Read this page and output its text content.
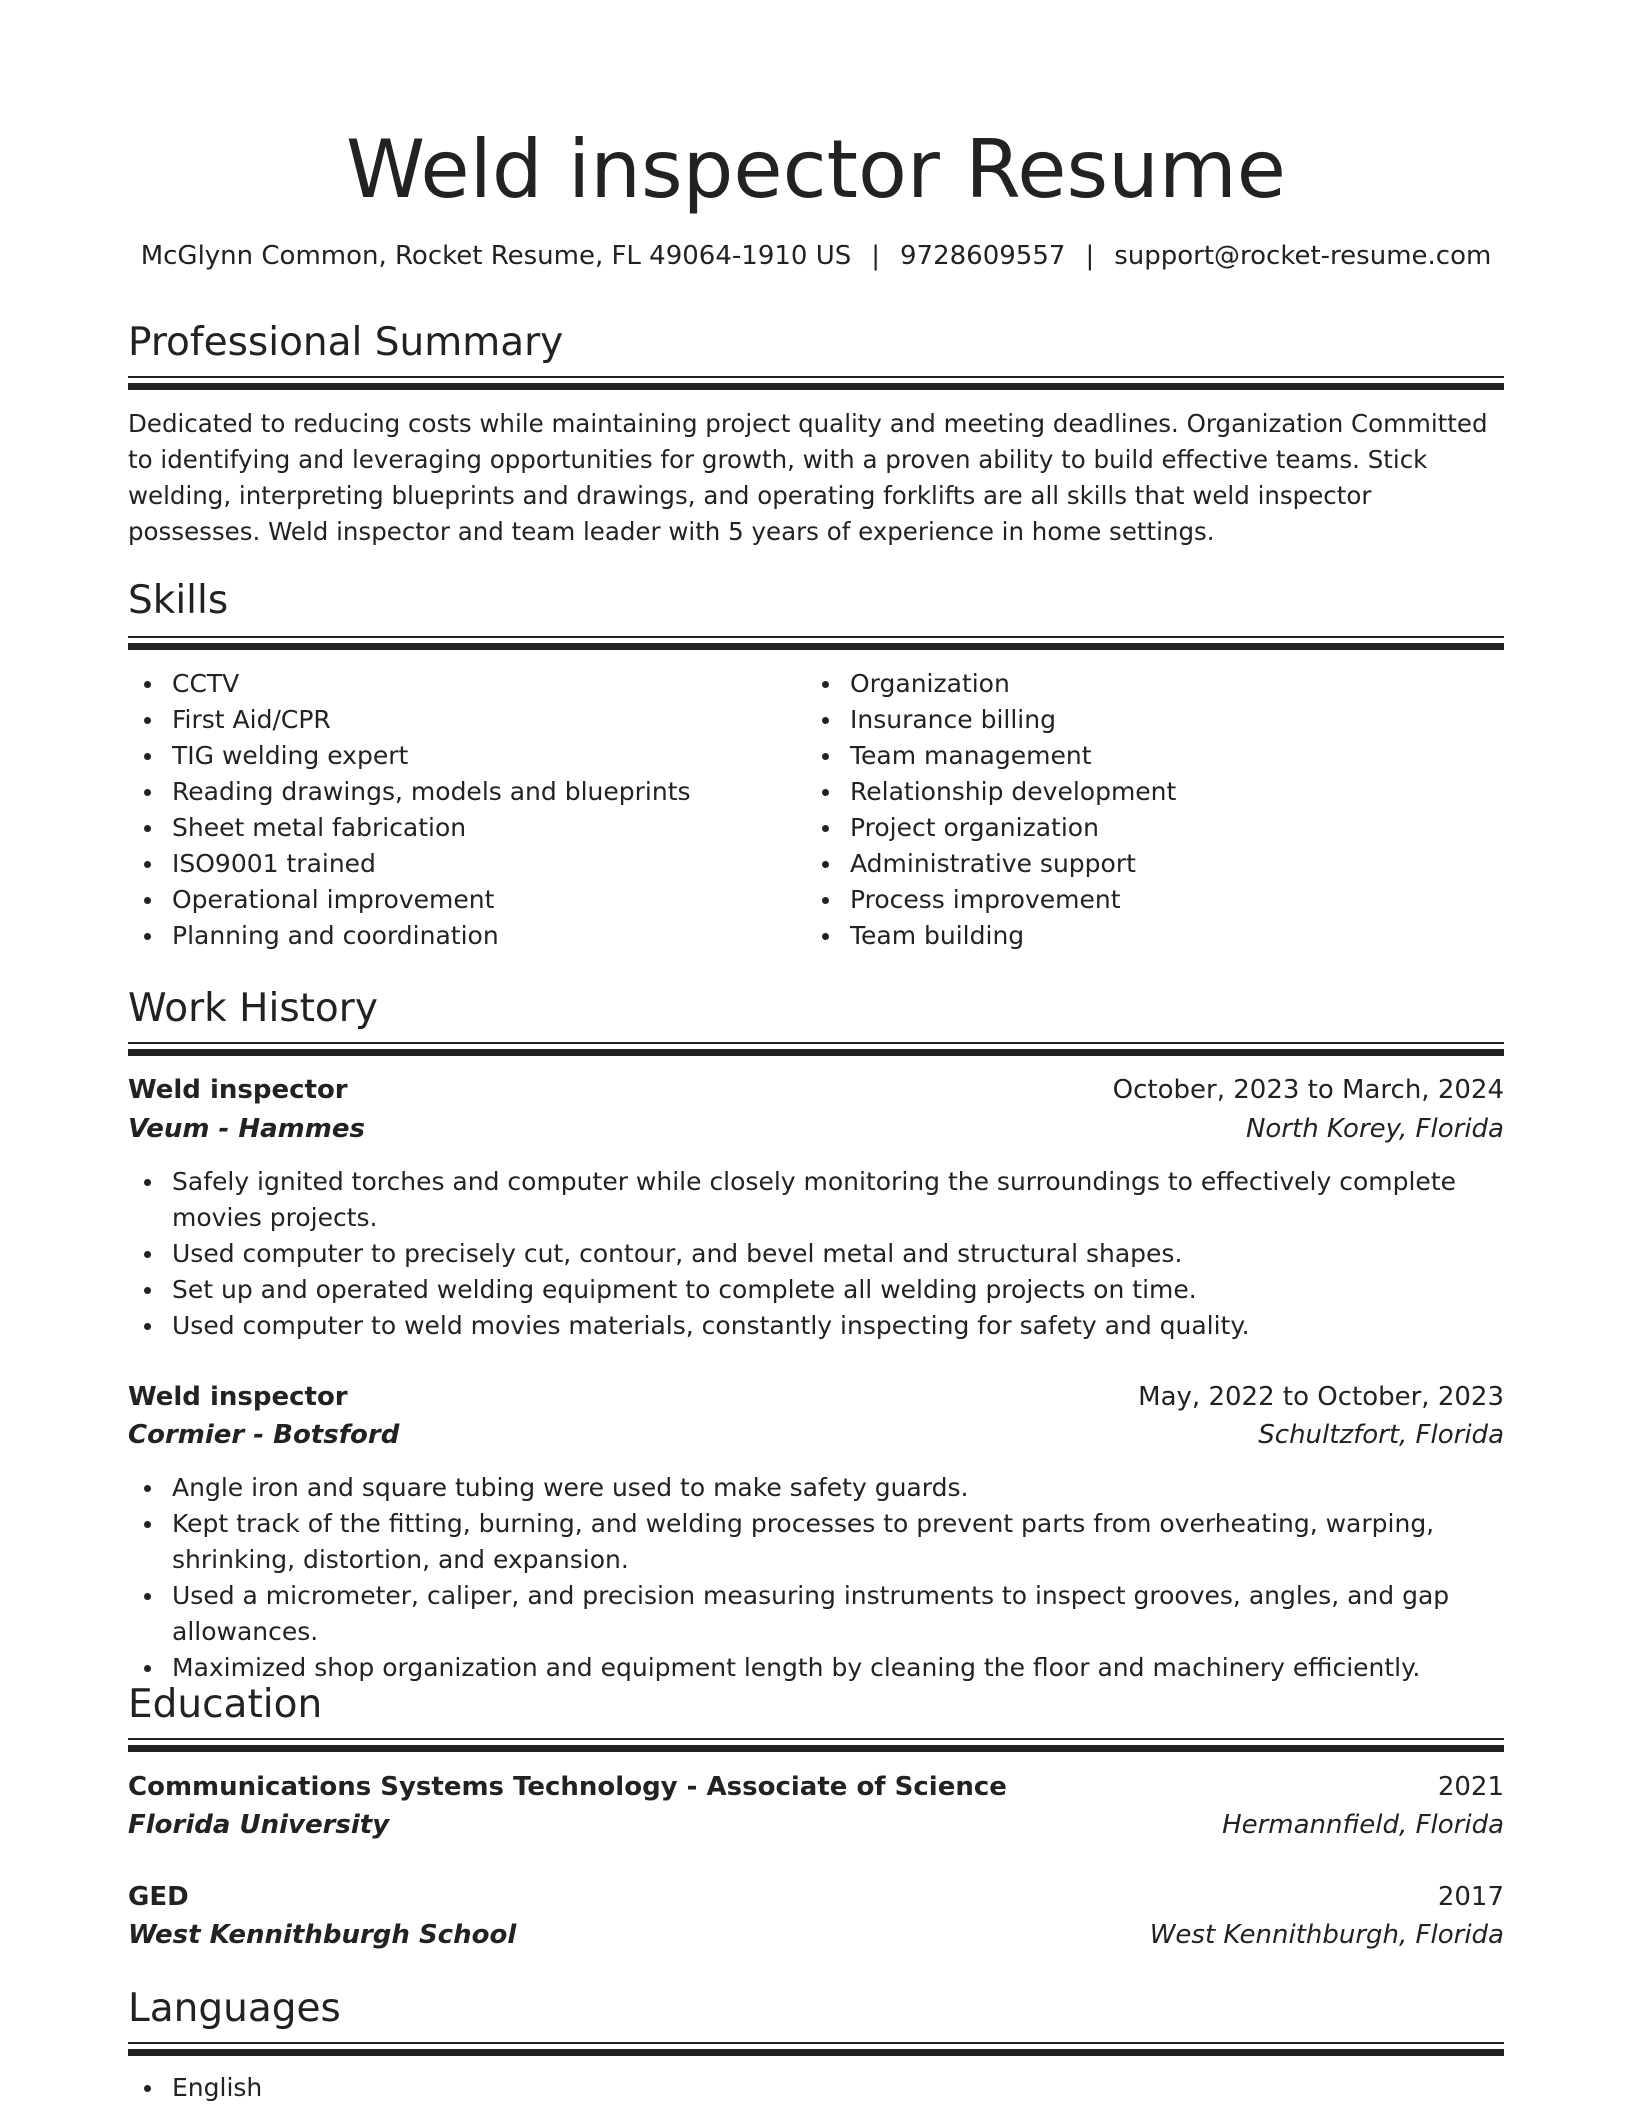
Weld inspector Resume
McGlynn Common, Rocket Resume, FL 49064-1910 US | 9728609557 | support@rocket-resume.com
Professional Summary

Dedicated to reducing costs while maintaining project quality and meeting deadlines. Organization Committed to identifying and leveraging opportunities for growth, with a proven ability to build effective teams. Stick welding, interpreting blueprints and drawings, and operating forklifts are all skills that weld inspector possesses. Weld inspector and team leader with 5 years of experience in home settings.

Skills
CCTV
First Aid/CPR
TIG welding expert
Reading drawings, models and blueprints
Sheet metal fabrication
ISO9001 trained
Operational improvement
Planning and coordination
Organization
Insurance billing
Team management
Relationship development
Project organization
Administrative support
Process improvement
Team building
Work History
Weld inspector	October, 2023 to March, 2024
Veum - Hammes	North Korey, Florida
Safely ignited torches and computer while closely monitoring the surroundings to effectively complete movies projects.
Used computer to precisely cut, contour, and bevel metal and structural shapes.
Set up and operated welding equipment to complete all welding projects on time.
Used computer to weld movies materials, constantly inspecting for safety and quality.
Weld inspector	May, 2022 to October, 2023
Cormier - Botsford	Schultzfort, Florida
Angle iron and square tubing were used to make safety guards.
Kept track of the fitting, burning, and welding processes to prevent parts from overheating, warping, shrinking, distortion, and expansion.
Used a micrometer, caliper, and precision measuring instruments to inspect grooves, angles, and gap allowances.
Maximized shop organization and equipment length by cleaning the floor and machinery efficiently.
Education
Communications Systems Technology - Associate of Science	2021
Florida University	Hermannfield, Florida
GED	2017
West Kennithburgh School	West Kennithburgh, Florida
Languages
English
